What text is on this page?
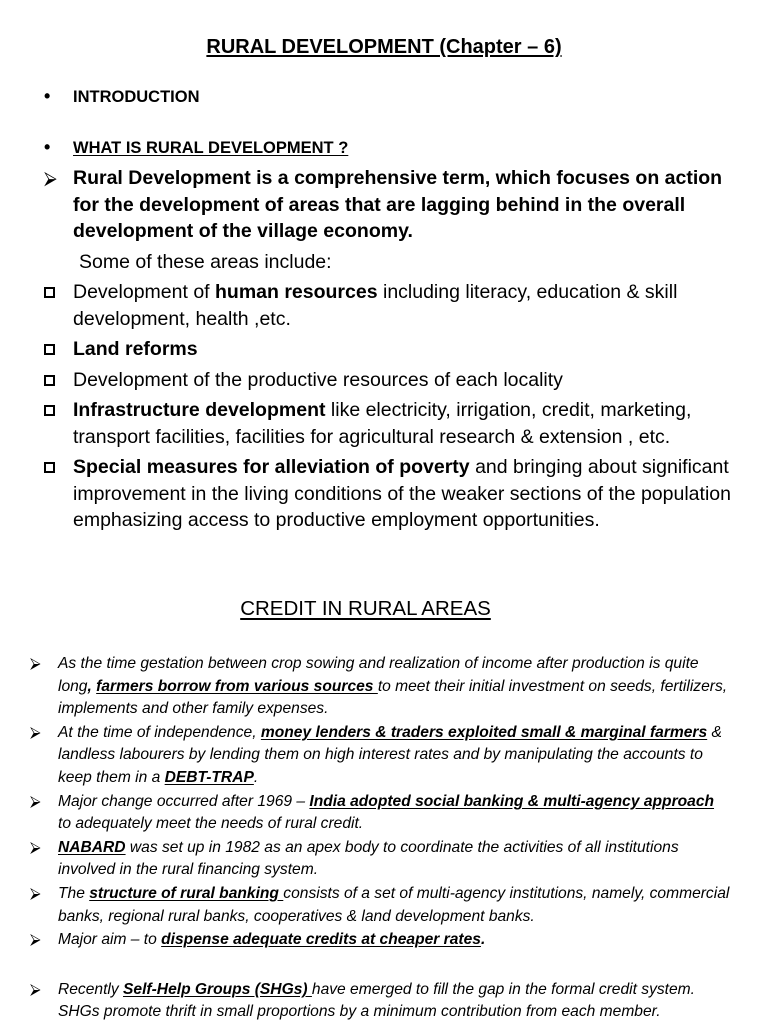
RURAL DEVELOPMENT (Chapter – 6)
• INTRODUCTION
• WHAT IS RURAL DEVELOPMENT ?
⮚ Rural Development is a comprehensive term, which focuses on action for the development of areas that are lagging behind in the overall development of the village economy.
Some of these areas include:
Development of human resources including literacy, education & skill development, health ,etc.
Land reforms
Development of the productive resources of each locality
Infrastructure development like electricity, irrigation, credit, marketing, transport facilities, facilities for agricultural research & extension , etc.
Special measures for alleviation of poverty and bringing about significant improvement in the living conditions of the weaker sections of the population emphasizing access to productive employment opportunities.
CREDIT IN RURAL AREAS
⮚	As the time gestation between crop sowing and realization of income after production is quite long, farmers borrow from various sources to meet their initial investment on seeds, fertilizers, implements and other family expenses.
⮚	At the time of independence, money lenders & traders exploited small & marginal farmers & landless labourers by lending them on high interest rates and by manipulating the accounts to keep them in a DEBT-TRAP.
⮚	Major change occurred after 1969 – India adopted social banking & multi-agency approach to adequately meet the needs of rural credit.
⮚	NABARD was set up in 1982 as an apex body to coordinate the activities of all institutions involved in the rural financing system.
⮚	The structure of rural banking consists of a set of multi-agency institutions, namely, commercial banks, regional rural banks, cooperatives & land development banks.
⮚	Major aim – to dispense adequate credits at cheaper rates.
⮚	Recently Self-Help Groups (SHGs) have emerged to fill the gap in the formal credit system. SHGs promote thrift in small proportions by a minimum contribution from each member.
